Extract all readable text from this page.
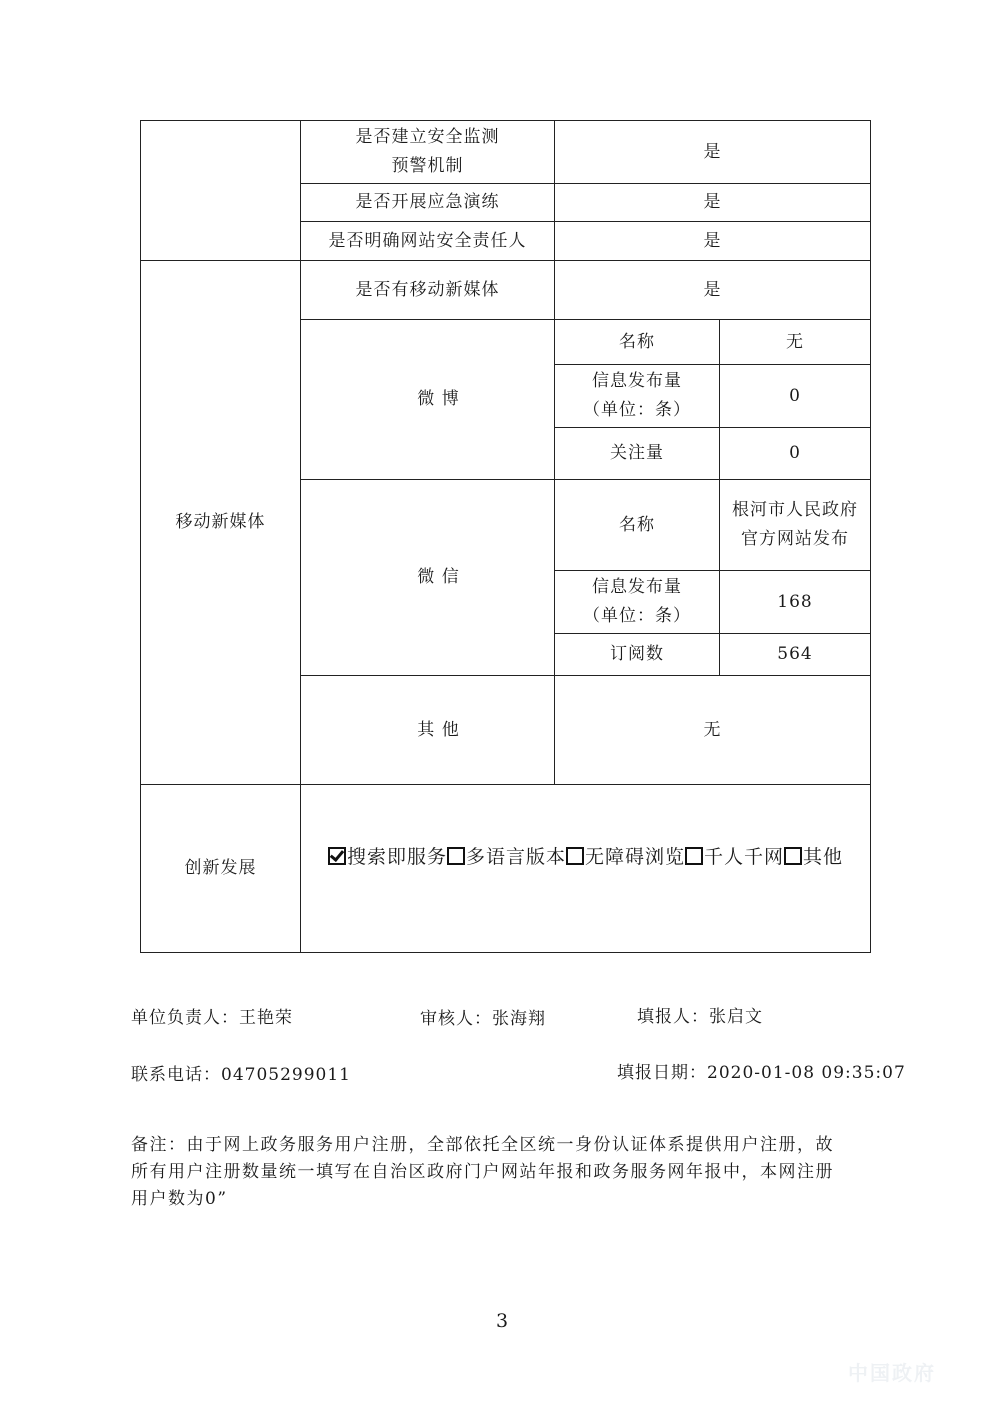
	是否建立安全监测预警机制	是	
	是否开展应急演练	是	
	是否明确网站安全责任人	是	
移动新媒体	是否有移动新媒体	是	
	微 博	名称	无
		信息发布量（单位：条）	0
		关注量	0
	微 信	名称	根河市人民政府官方网站发布
		信息发布量（单位：条）	168
		订阅数	564
	其 他	无	
创新发展	搜索即服务 多语言版本 无障碍浏览 千人千网 其他		
单位负责人：王艳荣	审核人：张海翔	填报人：张启文
联系电话：04705299011	填报日期：2020-01-08 09:35:07
备注：由于网上政务服务用户注册，全部依托全区统一身份认证体系提供用户注册，故所有用户注册数量统一填写在自治区政府门户网站年报和政务服务网年报中，本网注册用户数为0”
3
中国政府
